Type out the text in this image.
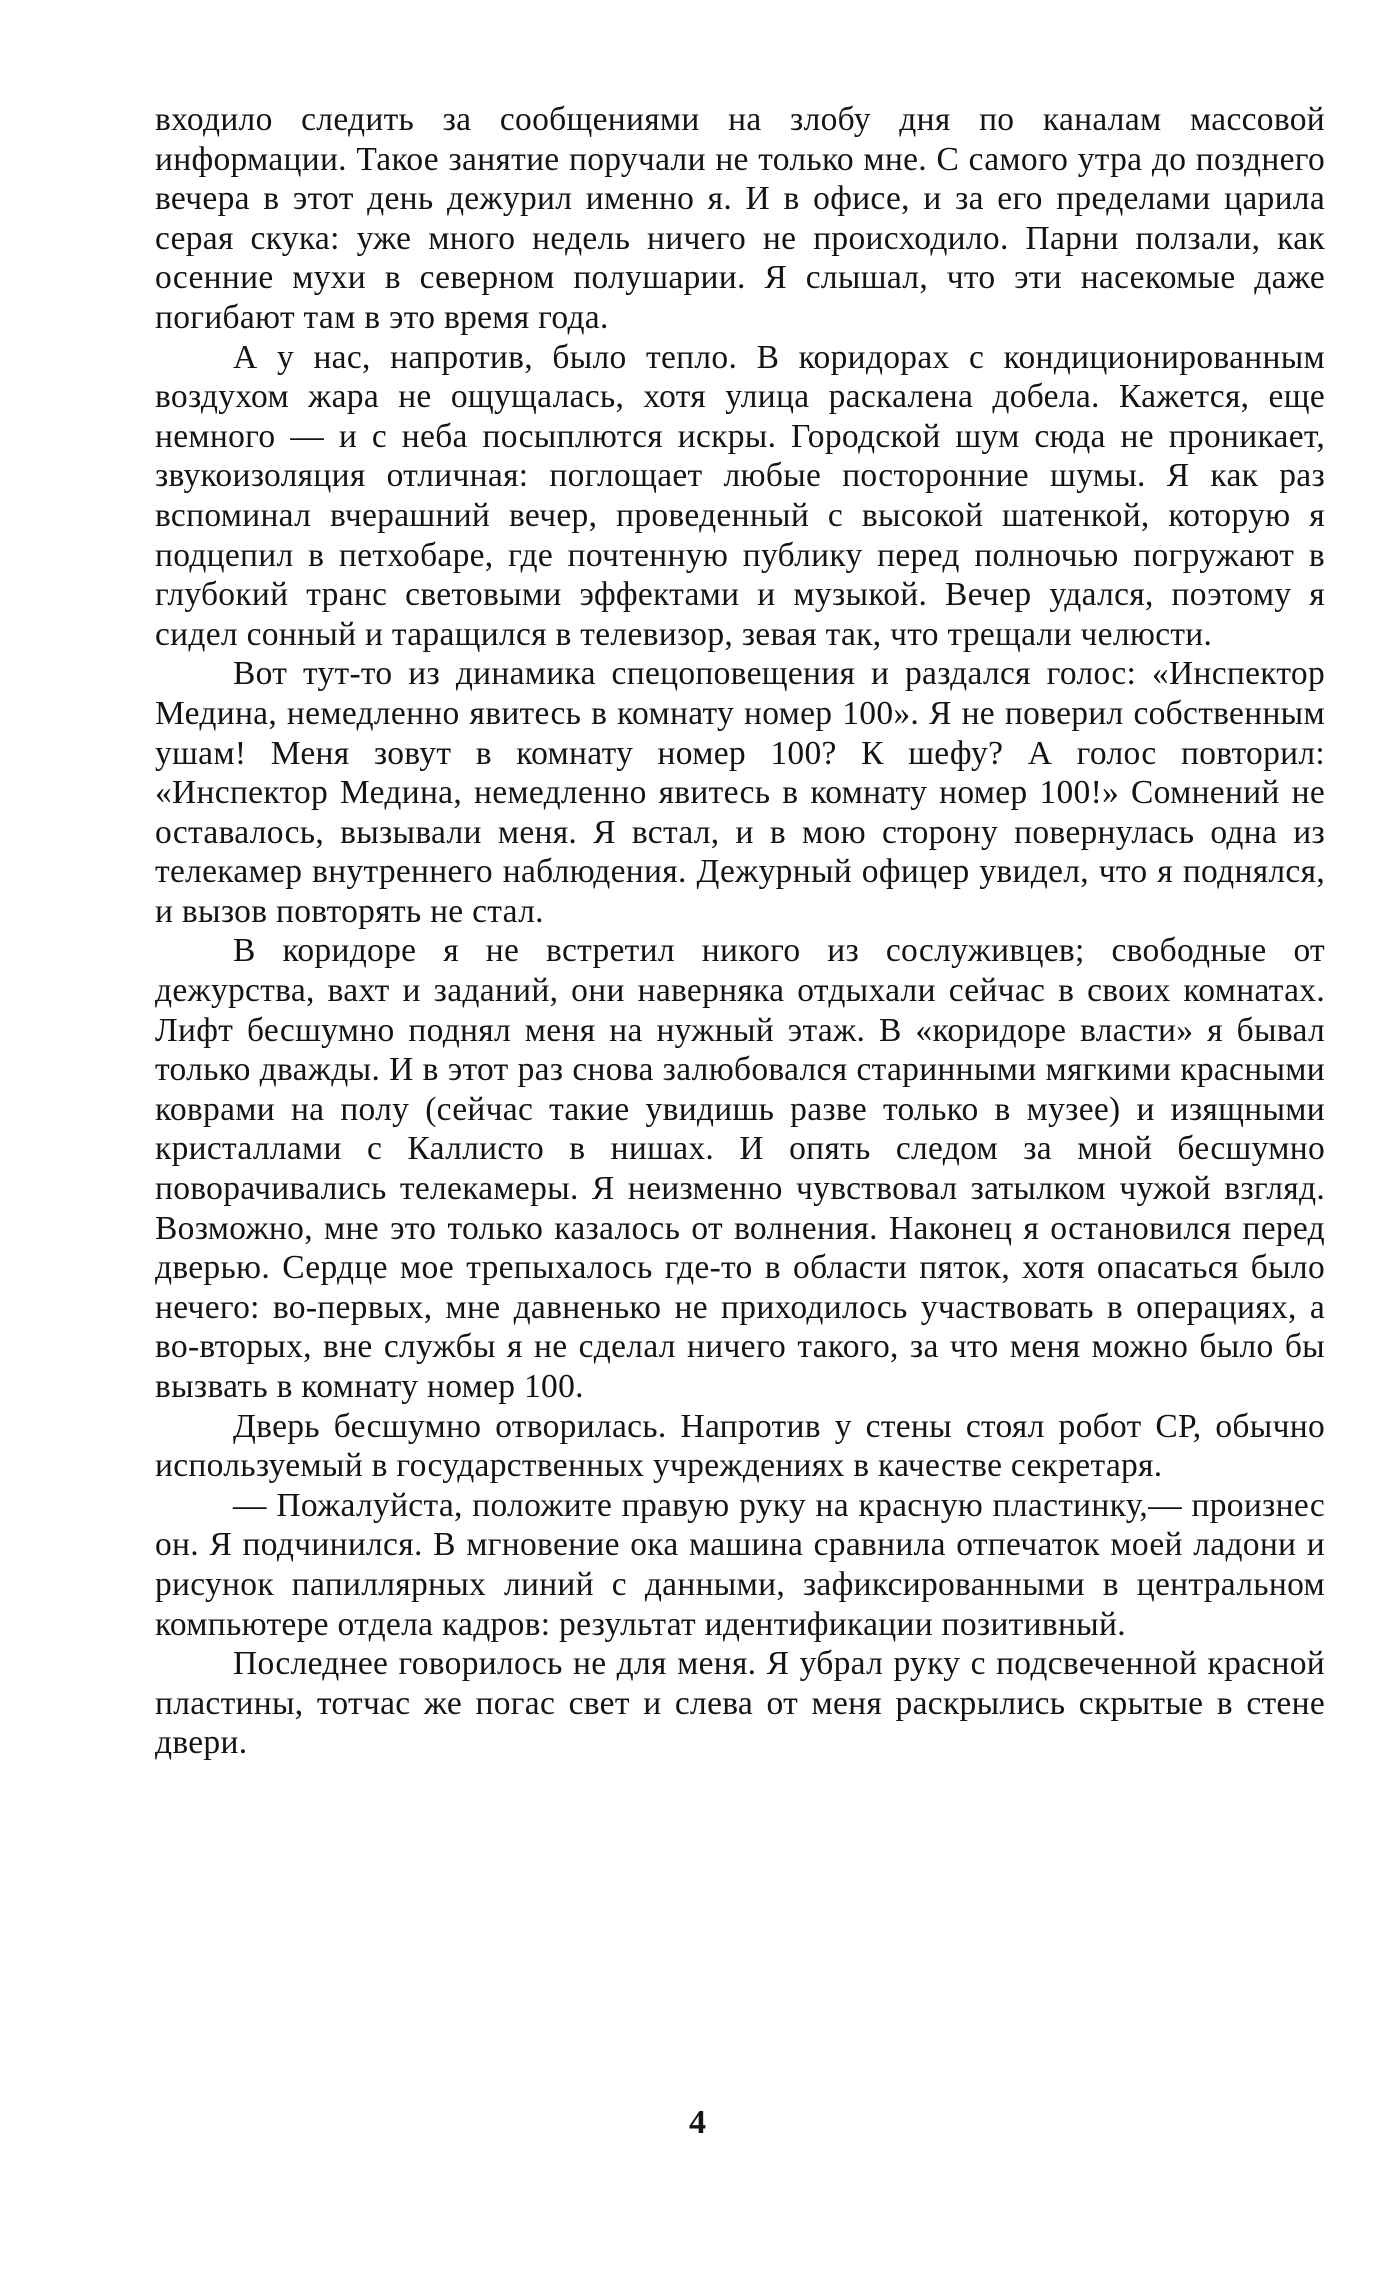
входило следить за сообщениями на злобу дня по каналам массовой информации. Такое занятие поручали не только мне. С самого утра до позднего вечера в этот день дежурил именно я. И в офисе, и за его пределами царила серая скука: уже много недель ничего не происходило. Парни ползали, как осенние мухи в северном полушарии. Я слышал, что эти насекомые даже погибают там в это время года.

А у нас, напротив, было тепло. В коридорах с кондиционированным воздухом жара не ощущалась, хотя улица раскалена добела. Кажется, еще немного — и с неба посыплются искры. Городской шум сюда не проникает, звукоизоляция отличная: поглощает любые посторонние шумы. Я как раз вспоминал вчерашний вечер, проведенный с высокой шатенкой, которую я подцепил в петхобаре, где почтенную публику перед полночью погружают в глубокий транс световыми эффектами и музыкой. Вечер удался, поэтому я сидел сонный и таращился в телевизор, зевая так, что трещали челюсти.

Вот тут-то из динамика спецоповещения и раздался голос: «Инспектор Медина, немедленно явитесь в комнату номер 100». Я не поверил собственным ушам! Меня зовут в комнату номер 100? К шефу? А голос повторил: «Инспектор Медина, немедленно явитесь в комнату номер 100!» Сомнений не оставалось, вызывали меня. Я встал, и в мою сторону повернулась одна из телекамер внутреннего наблюдения. Дежурный офицер увидел, что я поднялся, и вызов повторять не стал.

В коридоре я не встретил никого из сослуживцев; свободные от дежурства, вахт и заданий, они наверняка отдыхали сейчас в своих комнатах. Лифт бесшумно поднял меня на нужный этаж. В «коридоре власти» я бывал только дважды. И в этот раз снова залюбовался старинными мягкими красными коврами на полу (сейчас такие увидишь разве только в музее) и изящными кристаллами с Каллисто в нишах. И опять следом за мной бесшумно поворачивались телекамеры. Я неизменно чувствовал затылком чужой взгляд. Возможно, мне это только казалось от волнения. Наконец я остановился перед дверью. Сердце мое трепыхалось где-то в области пяток, хотя опасаться было нечего: во-первых, мне давненько не приходилось участвовать в операциях, а во-вторых, вне службы я не сделал ничего такого, за что меня можно было бы вызвать в комнату номер 100.

Дверь бесшумно отворилась. Напротив у стены стоял робот СР, обычно используемый в государственных учреждениях в качестве секретаря.

— Пожалуйста, положите правую руку на красную пластинку,— произнес он. Я подчинился. В мгновение ока машина сравнила отпечаток моей ладони и рисунок папиллярных линий с данными, зафиксированными в центральном компьютере отдела кадров: результат идентификации позитивный.

Последнее говорилось не для меня. Я убрал руку с подсвеченной красной пластины, тотчас же погас свет и слева от меня раскрылись скрытые в стене двери.

4
